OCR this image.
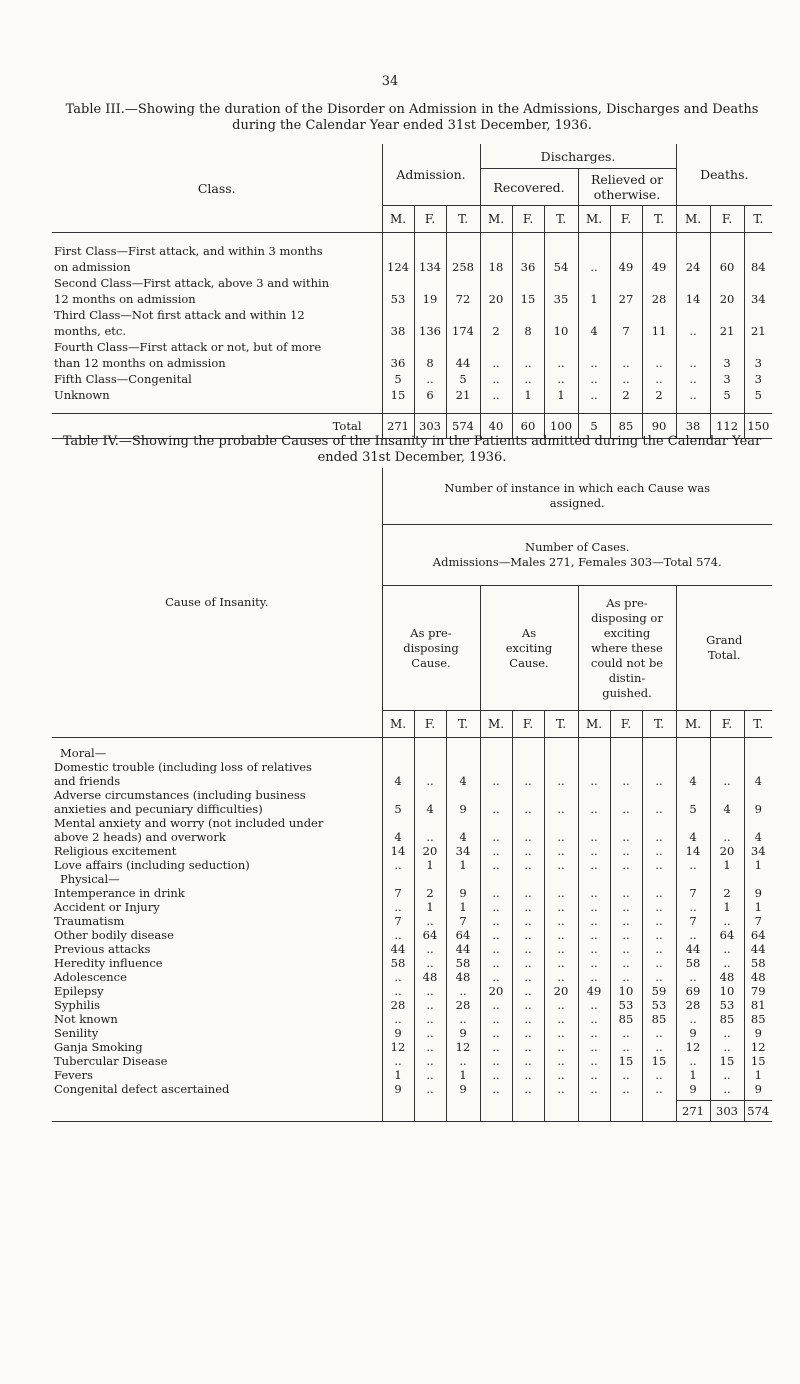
34
Table III.—Showing the duration of the Disorder on Admission in the Admissions, Discharges and Deaths during the Calendar Year ended 31st December, 1936.
Class.	Admission.			Discharges.						Deaths.		
				Recovered.			Relieved or otherwise.					
	M.	F.	T.	M.	F.	T.	M.	F.	T.	M.	F.	T.

First Class—First attack, and within 3 months												
on admission	124	134	258	18	36	54	..	49	49	24	60	84
Second Class—First attack, above 3 and within												
12 months on admission	53	19	72	20	15	35	1	27	28	14	20	34
Third Class—Not first attack and within 12												
months, etc.	38	136	174	2	8	10	4	7	11	..	21	21
Fourth Class—First attack or not, but of more												
than 12 months on admission	36	8	44	..	..	..	..	..	..	..	3	3
Fifth Class—Congenital	5	..	5	..	..	..	..	..	..	..	3	3
Unknown	15	6	21	..	1	1	..	2	2	..	5	5

Total	271	303	574	40	60	100	5	85	90	38	112	150
Table IV.—Showing the probable Causes of the Insanity in the Patients admitted during the Calendar Year ended 31st December, 1936.
Cause of Insanity.	Number of instance in which each Cause was assigned.											

	Number of Cases.
Admissions—Males 271, Females 303—Total 574.											

	As pre- disposing Cause.			As exciting Cause.			As pre- disposing or exciting where these could not be distin- guished.			Grand Total.		
	M.	F.	T.	M.	F.	T.	M.	F.	T.	M.	F.	T.

Moral—												
Domestic trouble (including loss of relatives												
and friends	4	..	4	..	..	..	..	..	..	4	..	4
Adverse circumstances (including business												
anxieties and pecuniary difficulties)	5	4	9	..	..	..	..	..	..	5	4	9
Mental anxiety and worry (not included under												
above 2 heads) and overwork	4	..	4	..	..	..	..	..	..	4	..	4
Religious excitement	14	20	34	..	..	..	..	..	..	14	20	34
Love affairs (including seduction)	..	1	1	..	..	..	..	..	..	..	1	1
Physical—												
Intemperance in drink	7	2	9	..	..	..	..	..	..	7	2	9
Accident or Injury	..	1	1	..	..	..	..	..	..	..	1	1
Traumatism	7	..	7	..	..	..	..	..	..	7	..	7
Other bodily disease	..	64	64	..	..	..	..	..	..	..	64	64
Previous attacks	44	..	44	..	..	..	..	..	..	44	..	44
Heredity influence	58	..	58	..	..	..	..	..	..	58	..	58
Adolescence	..	48	48	..	..	..	..	..	..	..	48	48
Epilepsy	..	..	..	20	..	20	49	10	59	69	10	79
Syphilis	28	..	28	..	..	..	..	53	53	28	53	81
Not known	..	..	..	..	..	..	..	85	85	..	85	85
Senility	9	..	9	..	..	..	..	..	..	9	..	9
Ganja Smoking	12	..	12	..	..	..	..	..	..	12	..	12
Tubercular Disease	..	..	..	..	..	..	..	15	15	..	15	15
Fevers	1	..	1	..	..	..	..	..	..	1	..	1
Congenital defect ascertained	9	..	9	..	..	..	..	..	..	9	..	9

										271	303	574
